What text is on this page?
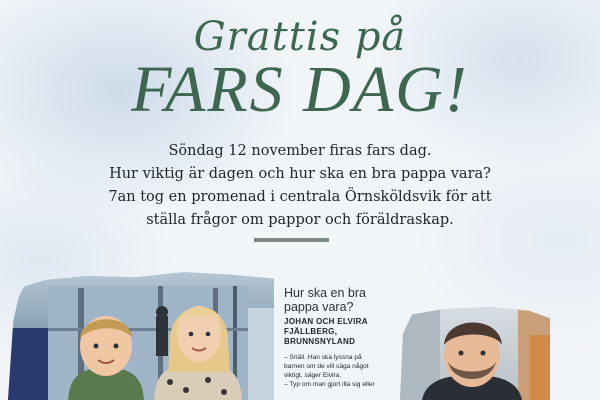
Grattis på
FARS DAG!
Söndag 12 november firas fars dag.
Hur viktig är dagen och hur ska en bra pappa vara?
7an tog en promenad i centrala Örnsköldsvik för att
ställa frågor om pappor och föräldraskap.
Hur ska en bra
pappa vara?
JOHAN OCH ELVIRA
FJÄLLBERG,
BRUNNSNYLAND
– Snäll. Han ska lyssna på
barnen om de vill säga något
viktigt, säger Elvira.
– Typ om man gjort illa sig eller
